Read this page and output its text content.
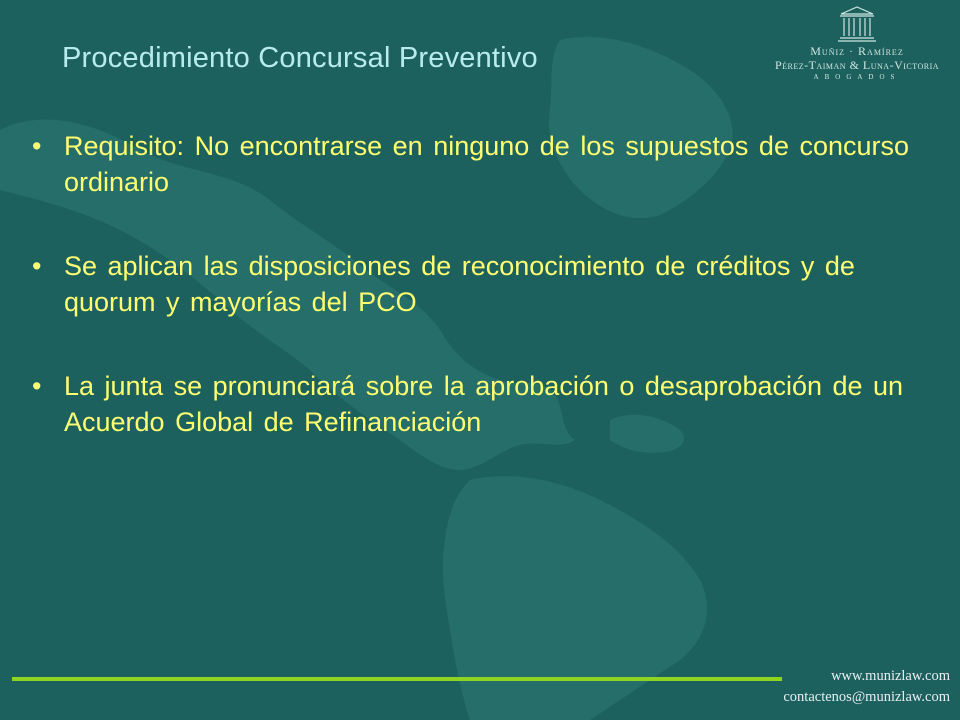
Procedimiento Concursal Preventivo	Muñiz · Ramírez
Pérez-Taiman & Luna-Victoria
ABOGADOS
• Requisito: No encontrarse en ninguno de los supuestos de concurso ordinario
• Se aplican las disposiciones de reconocimiento de créditos y de quorum y mayorías del PCO
• La junta se pronunciará sobre la aprobación o desaprobación de un Acuerdo Global de Refinanciación
www.munizlaw.com
contactenos@munizlaw.com
